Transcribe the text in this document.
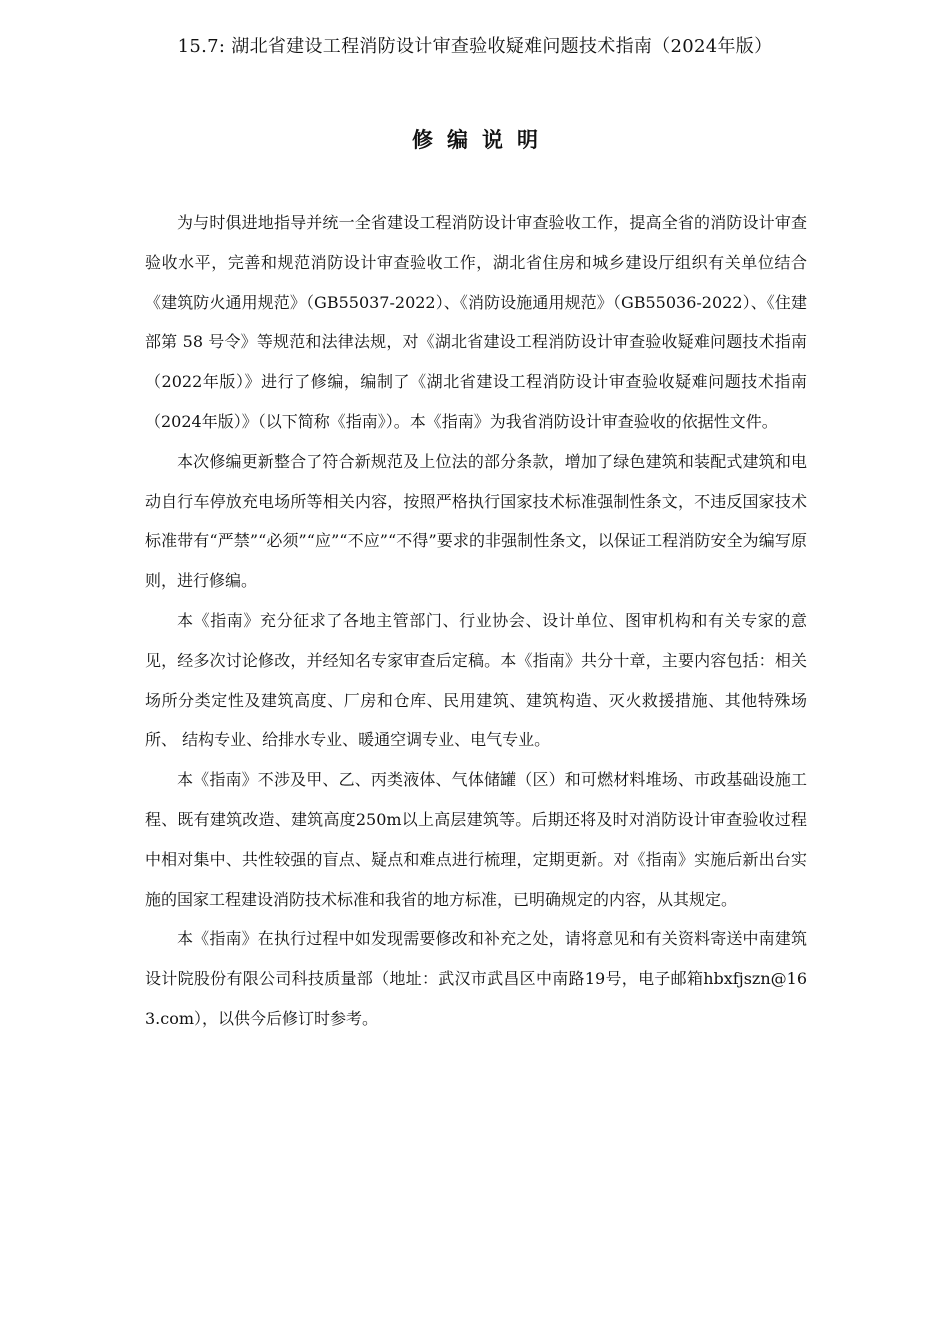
15.7: 湖北省建设工程消防设计审查验收疑难问题技术指南（2024年版）
修编说明

为与时俱进地指导并统一全省建设工程消防设计审查验收工作，提高全省的消防设计审查验收水平，完善和规范消防设计审查验收工作，湖北省住房和城乡建设厅组织有关单位结合《建筑防火通用规范》（GB55037-2022）、《消防设施通用规范》（GB55036-2022）、《住建部第 58 号令》等规范和法律法规，对《湖北省建设工程消防设计审查验收疑难问题技术指南（2022年版）》进行了修编，编制了《湖北省建设工程消防设计审查验收疑难问题技术指南（2024年版）》（以下简称《指南》）。本《指南》为我省消防设计审查验收的依据性文件。

本次修编更新整合了符合新规范及上位法的部分条款，增加了绿色建筑和装配式建筑和电动自行车停放充电场所等相关内容，按照严格执行国家技术标准强制性条文，不违反国家技术标准带有“严禁”“必须”“应”“不应”“不得”要求的非强制性条文，以保证工程消防安全为编写原则，进行修编。

本《指南》充分征求了各地主管部门、行业协会、设计单位、图审机构和有关专家的意见，经多次讨论修改，并经知名专家审查后定稿。本《指南》共分十章，主要内容包括：相关场所分类定性及建筑高度、厂房和仓库、民用建筑、建筑构造、灭火救援措施、其他特殊场所、 结构专业、给排水专业、暖通空调专业、电气专业。

本《指南》不涉及甲、乙、丙类液体、气体储罐（区）和可燃材料堆场、市政基础设施工程、既有建筑改造、建筑高度250m以上高层建筑等。后期还将及时对消防设计审查验收过程中相对集中、共性较强的盲点、疑点和难点进行梳理，定期更新。对《指南》实施后新出台实施的国家工程建设消防技术标准和我省的地方标准，已明确规定的内容，从其规定。

本《指南》在执行过程中如发现需要修改和补充之处，请将意见和有关资料寄送中南建筑设计院股份有限公司科技质量部（地址：武汉市武昌区中南路19号，电子邮箱hbxfjszn@163.com），以供今后修订时参考。
